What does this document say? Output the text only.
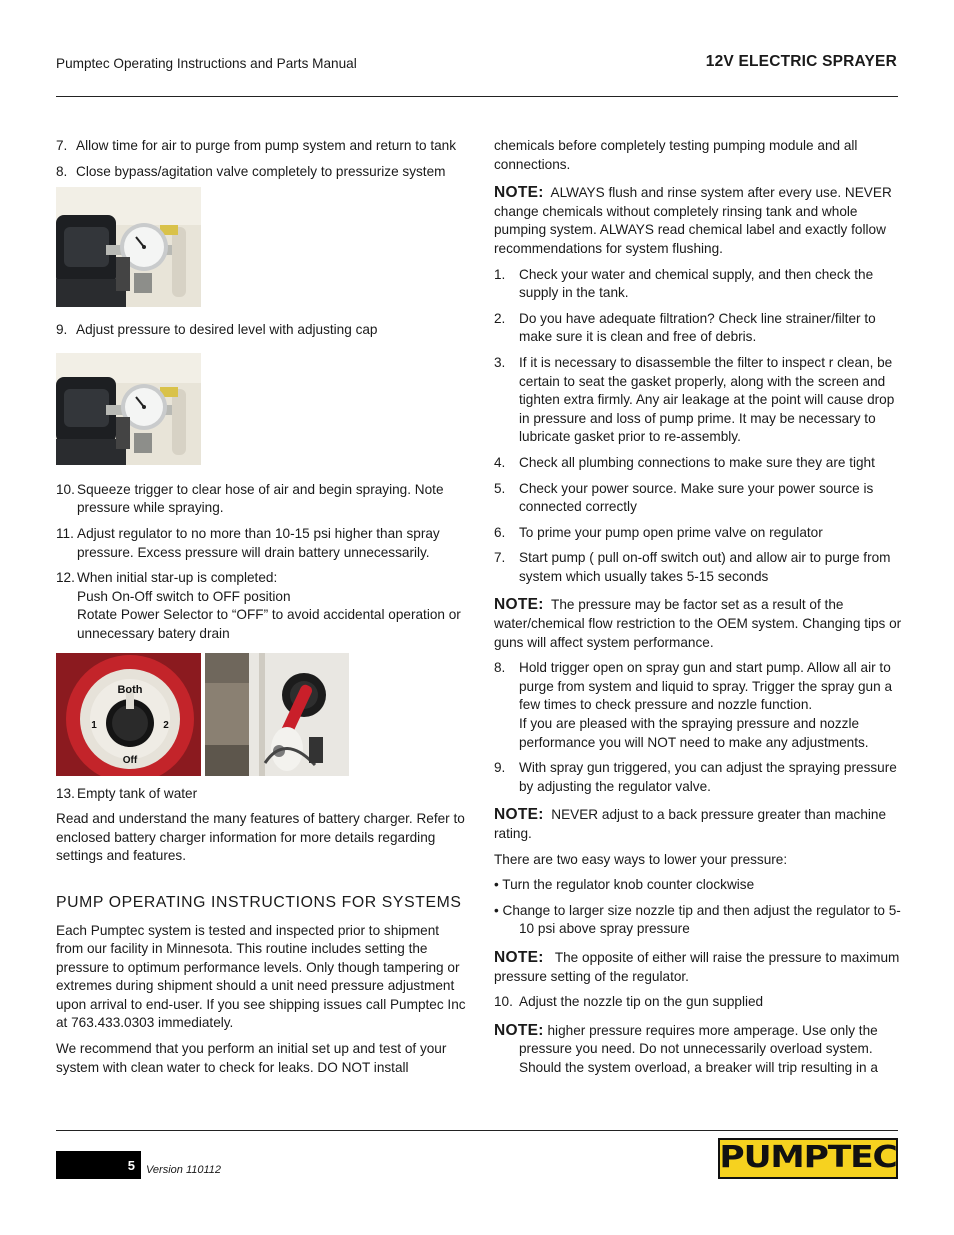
Pumptec Operating Instructions and Parts Manual	12V ELECTRIC SPRAYER
7. Allow time for air to purge from pump system and return to tank
8. Close bypass/agitation valve completely to pressurize system
9. Adjust pressure to desired level with adjusting cap
10. Squeeze trigger to clear hose of air and begin spraying. Note pressure while spraying.
11. Adjust regulator to no more than 10-15 psi higher than spray pressure. Excess pressure will drain battery unnecessarily.
12. When initial star-up is completed:
Push On-Off switch to OFF position
Rotate Power Selector to “OFF” to avoid accidental operation or unnecessary batery drain
Both
1	2
Off
13. Empty tank of water
Read and understand the many features of battery charger. Refer to enclosed battery charger information for more details regarding settings and features.
PUMP OPERATING INSTRUCTIONS FOR SYSTEMS
Each Pumptec system is tested and inspected prior to shipment from our facility in Minnesota. This routine includes setting the pressure to optimum performance levels. Only though tampering or extremes during shipment should a unit need pressure adjustment upon arrival to end-user. If you see shipping issues call Pumptec Inc at 763.433.0303 immediately.
We recommend that you perform an initial set up and test of your system with clean water to check for leaks. DO NOT install
chemicals before completely testing pumping module and all connections.
NOTE: ALWAYS flush and rinse system after every use. NEVER change chemicals without completely rinsing tank and whole pumping system. ALWAYS read chemical label and exactly follow recommendations for system flushing.
1. Check your water and chemical supply, and then check the supply in the tank.
2. Do you have adequate filtration? Check line strainer/filter to make sure it is clean and free of debris.
3. If it is necessary to disassemble the filter to inspect r clean, be certain to seat the gasket properly, along with the screen and tighten extra firmly. Any air leakage at the point will cause drop in pressure and loss of pump prime. It may be necessary to lubricate gasket prior to re-assembly.
4. Check all plumbing connections to make sure they are tight
5. Check your power source. Make sure your power source is connected correctly
6. To prime your pump open prime valve on regulator
7. Start pump ( pull on-off switch out) and allow air to purge from system which usually takes 5-15 seconds
NOTE: The pressure may be factor set as a result of the water/chemical flow restriction to the OEM system. Changing tips or guns will affect system performance.
8. Hold trigger open on spray gun and start pump. Allow all air to purge from system and liquid to spray. Trigger the spray gun a few times to check pressure and nozzle function.
If you are pleased with the spraying pressure and nozzle performance you will NOT need to make any adjustments.
9. With spray gun triggered, you can adjust the spraying pressure by adjusting the regulator valve.
NOTE: NEVER adjust to a back pressure greater than machine rating.
There are two easy ways to lower your pressure:
• Turn the regulator knob counter clockwise
• Change to larger size nozzle tip and then adjust the regulator to 5-10 psi above spray pressure
NOTE: The opposite of either will raise the pressure to maximum pressure setting of the regulator.
10. Adjust the nozzle tip on the gun supplied
NOTE: higher pressure requires more amperage. Use only the pressure you need. Do not unnecessarily overload system. Should the system overload, a breaker will trip resulting in a
5	Version 110112	PUMPTEC
